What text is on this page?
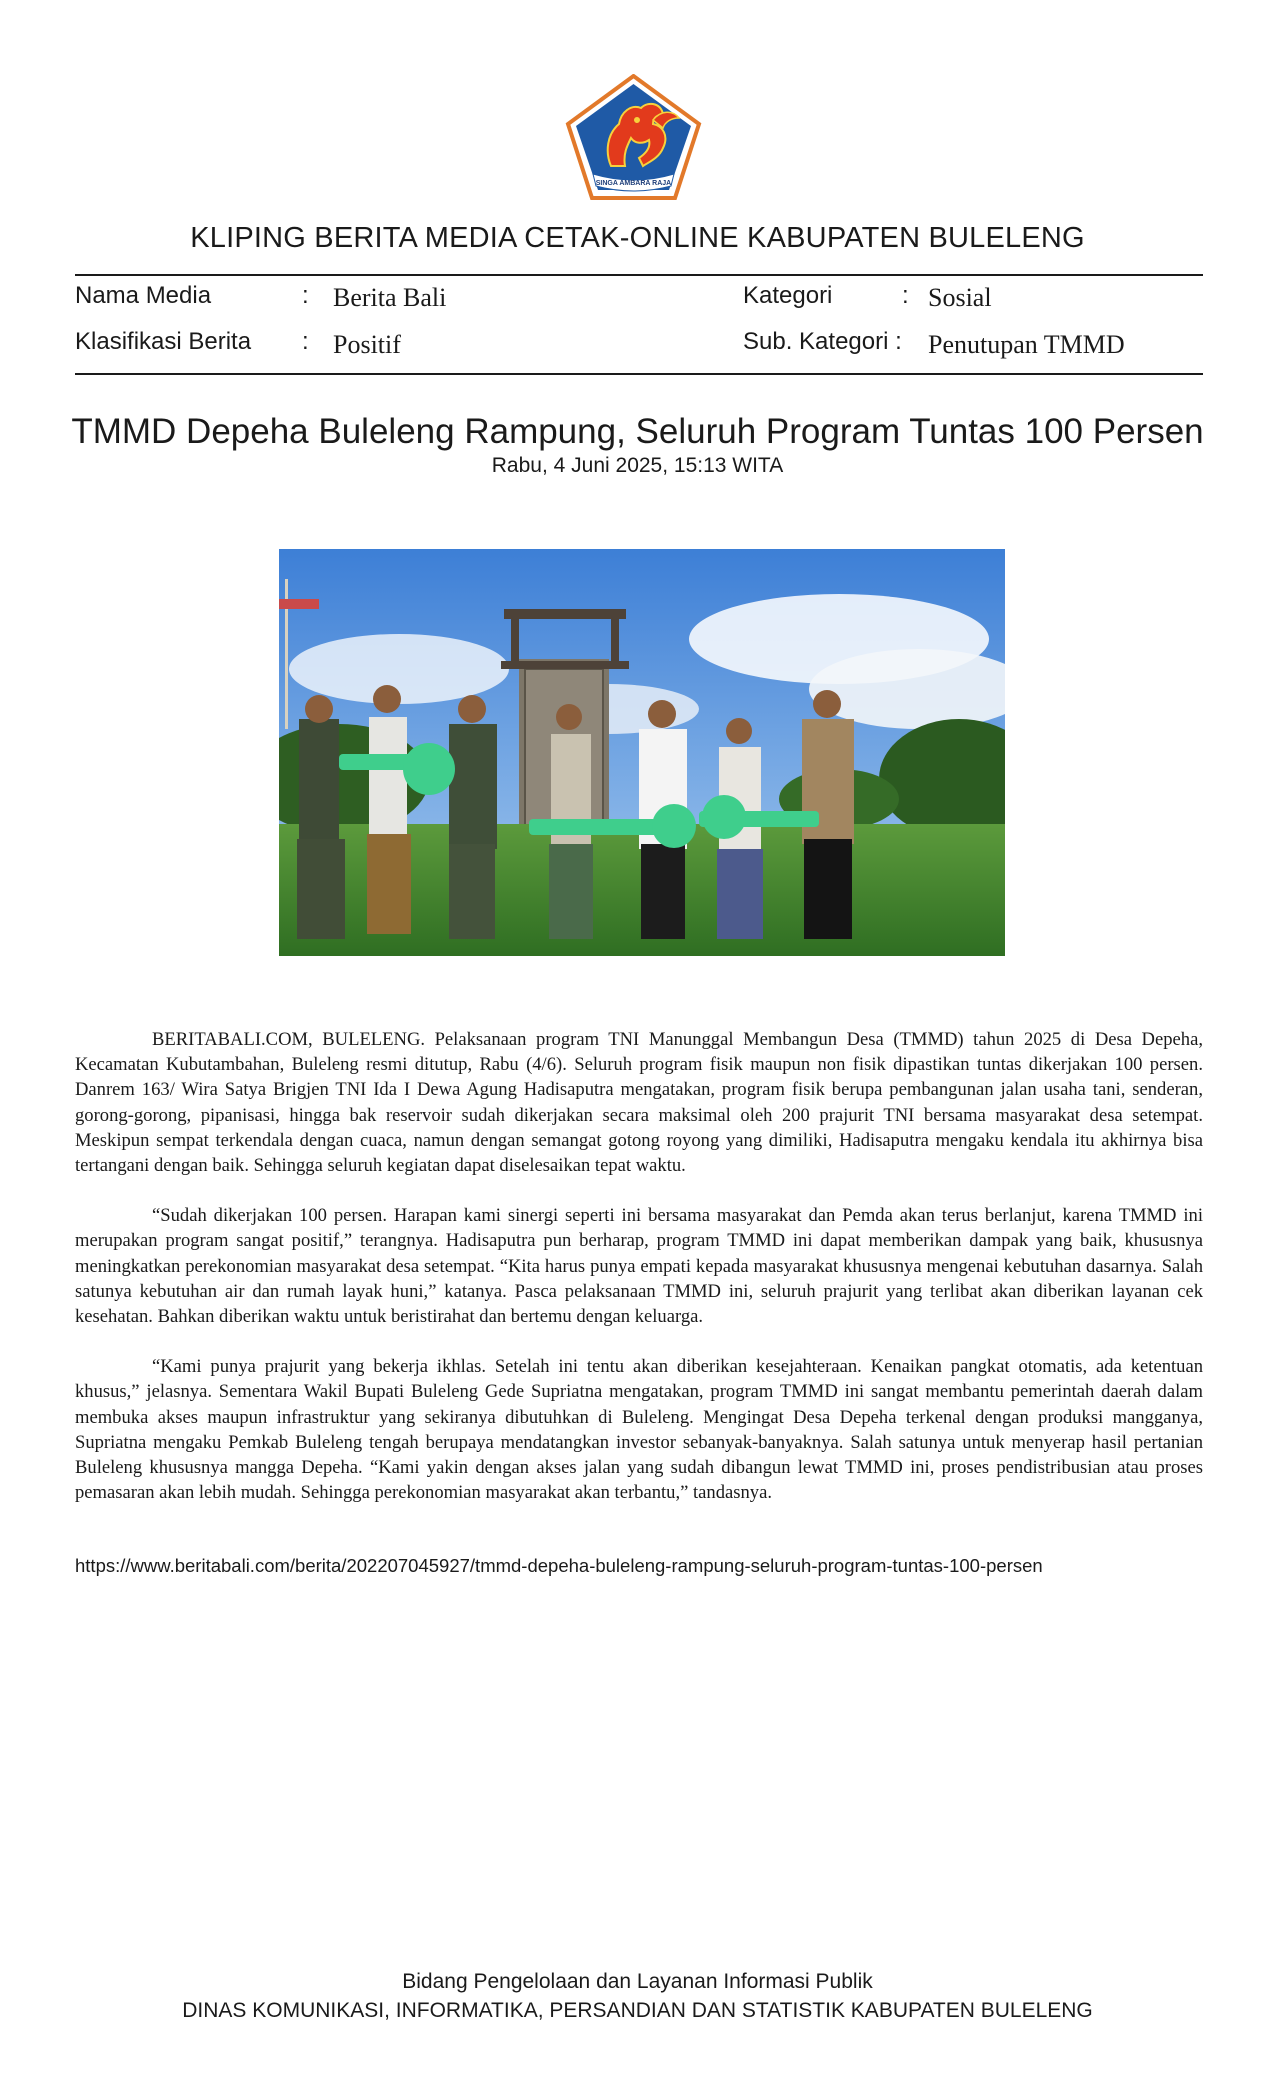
SINGA AMBARA RAJA
KLIPING BERITA MEDIA CETAK-ONLINE KABUPATEN BULELENG
Nama Media	: Berita Bali	Kategori	: Sosial
Klasifikasi Berita : Positif	Sub. Kategori : Penutupan TMMD
TMMD Depeha Buleleng Rampung, Seluruh Program Tuntas 100 Persen
Rabu, 4 Juni 2025, 15:13 WITA

BERITABALI.COM, BULELENG. Pelaksanaan program TNI Manunggal Membangun Desa (TMMD) tahun 2025 di Desa Depeha, Kecamatan Kubutambahan, Buleleng resmi ditutup, Rabu (4/6). Seluruh program fisik maupun non fisik dipastikan tuntas dikerjakan 100 persen. Danrem 163/ Wira Satya Brigjen TNI Ida I Dewa Agung Hadisaputra mengatakan, program fisik berupa pembangunan jalan usaha tani, senderan, gorong-gorong, pipanisasi, hingga bak reservoir sudah dikerjakan secara maksimal oleh 200 prajurit TNI bersama masyarakat desa setempat. Meskipun sempat terkendala dengan cuaca, namun dengan semangat gotong royong yang dimiliki, Hadisaputra mengaku kendala itu akhirnya bisa tertangani dengan baik. Sehingga seluruh kegiatan dapat diselesaikan tepat waktu.

“Sudah dikerjakan 100 persen. Harapan kami sinergi seperti ini bersama masyarakat dan Pemda akan terus berlanjut, karena TMMD ini merupakan program sangat positif,” terangnya. Hadisaputra pun berharap, program TMMD ini dapat memberikan dampak yang baik, khususnya meningkatkan perekonomian masyarakat desa setempat. “Kita harus punya empati kepada masyarakat khususnya mengenai kebutuhan dasarnya. Salah satunya kebutuhan air dan rumah layak huni,” katanya. Pasca pelaksanaan TMMD ini, seluruh prajurit yang terlibat akan diberikan layanan cek kesehatan. Bahkan diberikan waktu untuk beristirahat dan bertemu dengan keluarga.

“Kami punya prajurit yang bekerja ikhlas. Setelah ini tentu akan diberikan kesejahteraan. Kenaikan pangkat otomatis, ada ketentuan khusus,” jelasnya. Sementara Wakil Bupati Buleleng Gede Supriatna mengatakan, program TMMD ini sangat membantu pemerintah daerah dalam membuka akses maupun infrastruktur yang sekiranya dibutuhkan di Buleleng. Mengingat Desa Depeha terkenal dengan produksi mangganya, Supriatna mengaku Pemkab Buleleng tengah berupaya mendatangkan investor sebanyak-banyaknya. Salah satunya untuk menyerap hasil pertanian Buleleng khususnya mangga Depeha. “Kami yakin dengan akses jalan yang sudah dibangun lewat TMMD ini, proses pendistribusian atau proses pemasaran akan lebih mudah. Sehingga perekonomian masyarakat akan terbantu,” tandasnya.

https://www.beritabali.com/berita/202207045927/tmmd-depeha-buleleng-rampung-seluruh-program-tuntas-100-persen
Bidang Pengelolaan dan Layanan Informasi Publik
DINAS KOMUNIKASI, INFORMATIKA, PERSANDIAN DAN STATISTIK KABUPATEN BULELENG
